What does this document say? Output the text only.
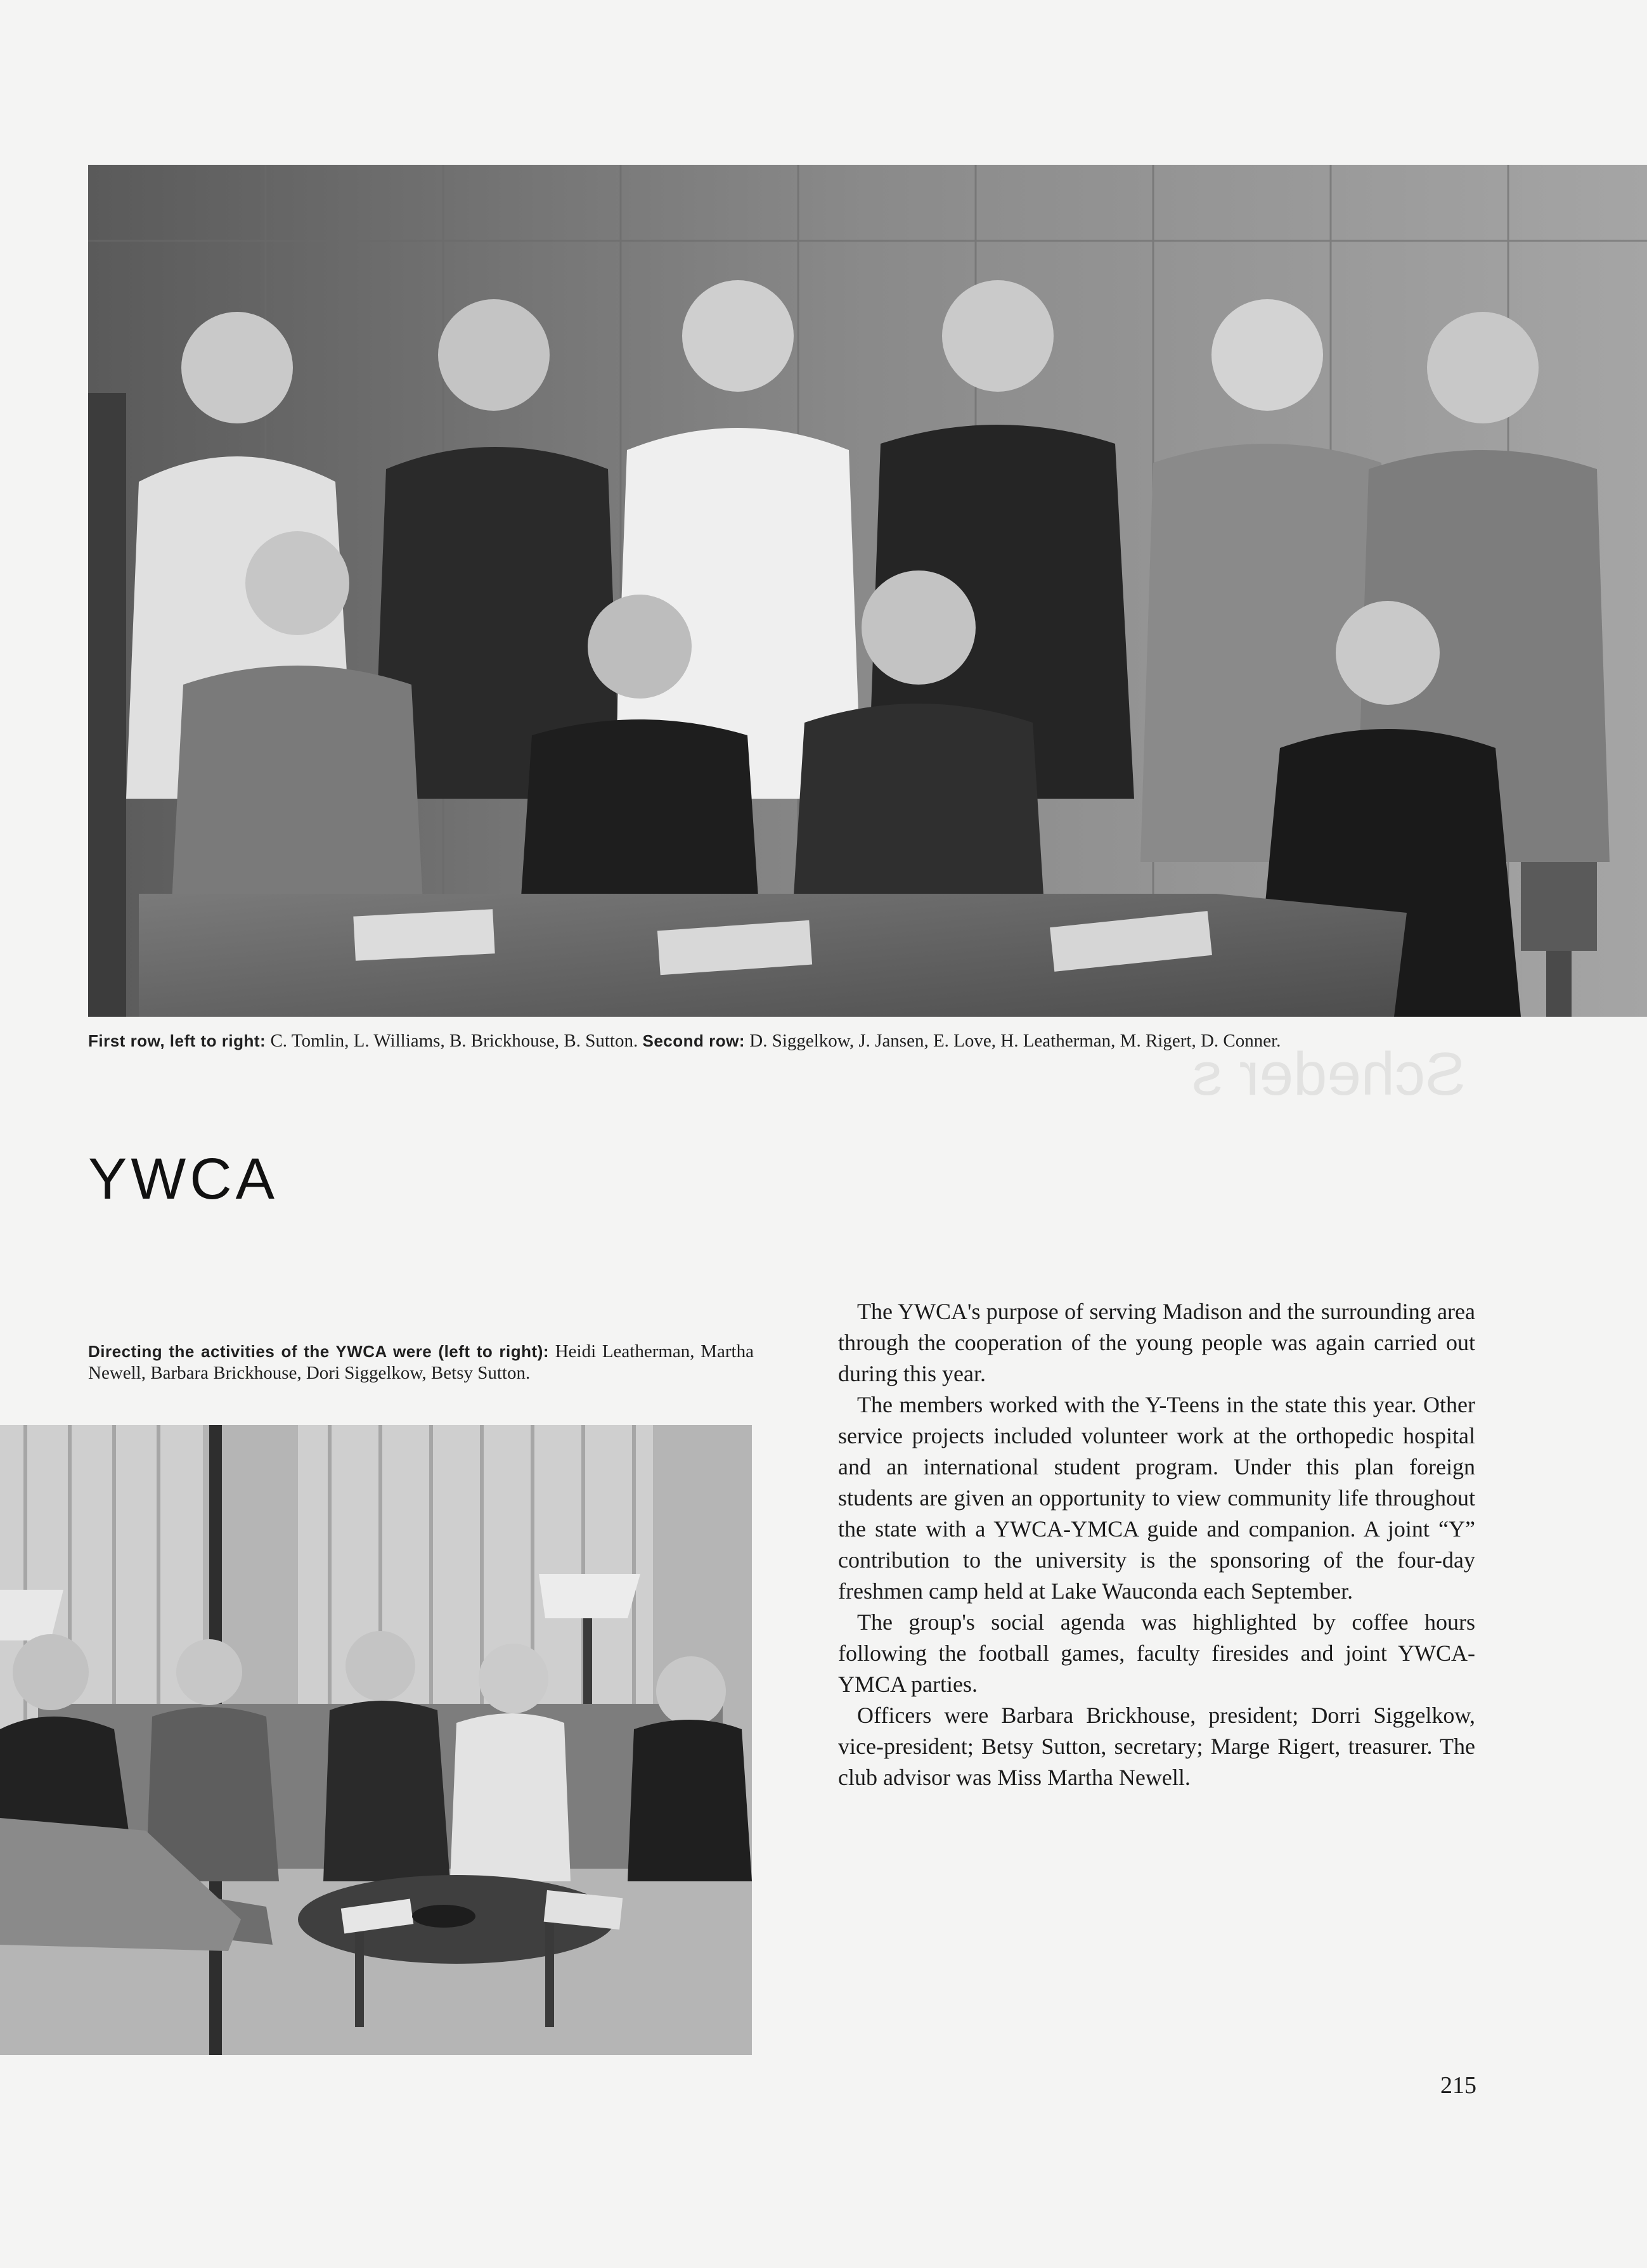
Scheder s
First row, left to right: C. Tomlin, L. Williams, B. Brickhouse, B. Sutton. Second row: D. Siggelkow, J. Jansen, E. Love, H. Leatherman, M. Rigert, D. Conner.
YWCA
Directing the activities of the YWCA were (left to right): Heidi Leatherman, Martha Newell, Barbara Brickhouse, Dori Siggelkow, Betsy Sutton.

The YWCA's purpose of serving Madison and the surrounding area through the cooperation of the young people was again carried out during this year.

The members worked with the Y-Teens in the state this year. Other service projects included volunteer work at the orthopedic hospital and an international student program. Under this plan foreign students are given an opportunity to view community life throughout the state with a YWCA-YMCA guide and companion. A joint “Y” contribution to the university is the sponsoring of the four-day freshmen camp held at Lake Wauconda each September.

The group's social agenda was highlighted by coffee hours following the football games, faculty firesides and joint YWCA-YMCA parties.

Officers were Barbara Brickhouse, president; Dorri Siggelkow, vice-president; Betsy Sutton, secretary; Marge Rigert, treasurer. The club advisor was Miss Martha Newell.

215
